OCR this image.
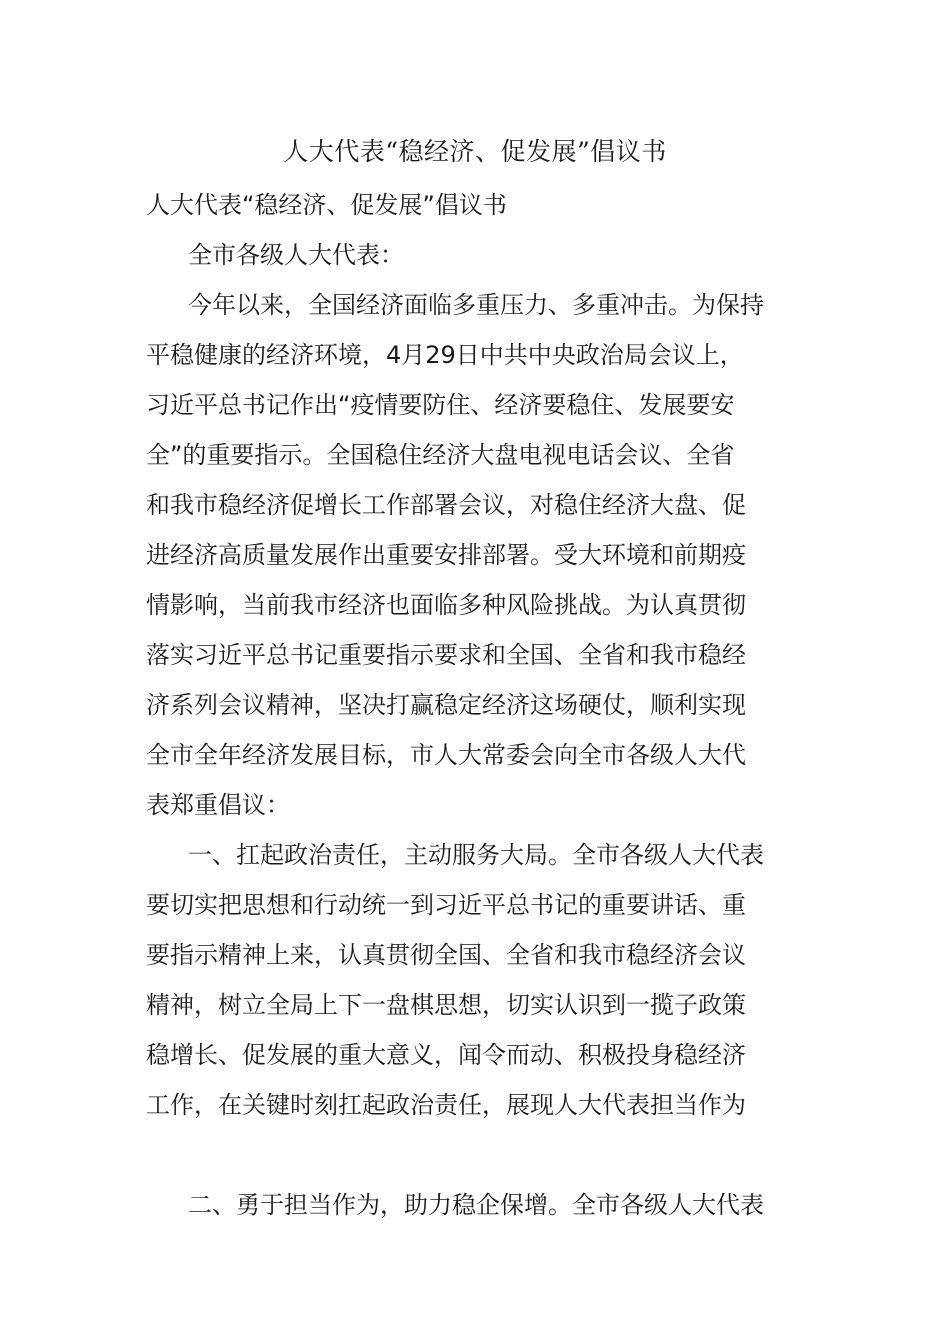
人大代表“稳经济、促发展”倡议书
人大代表“稳经济、促发展”倡议书
全市各级人大代表：
今年以来，全国经济面临多重压力、多重冲击。为保持
平稳健康的经济环境，4月29日中共中央政治局会议上，
习近平总书记作出“疫情要防住、经济要稳住、发展要安
全”的重要指示。全国稳住经济大盘电视电话会议、全省
和我市稳经济促增长工作部署会议，对稳住经济大盘、促
进经济高质量发展作出重要安排部署。受大环境和前期疫
情影响，当前我市经济也面临多种风险挑战。为认真贯彻
落实习近平总书记重要指示要求和全国、全省和我市稳经
济系列会议精神，坚决打赢稳定经济这场硬仗，顺利实现
全市全年经济发展目标，市人大常委会向全市各级人大代
表郑重倡议：
一、扛起政治责任，主动服务大局。全市各级人大代表
要切实把思想和行动统一到习近平总书记的重要讲话、重
要指示精神上来，认真贯彻全国、全省和我市稳经济会议
精神，树立全局上下一盘棋思想，切实认识到一揽子政策
稳增长、促发展的重大意义，闻令而动、积极投身稳经济
工作，在关键时刻扛起政治责任，展现人大代表担当作为
二、勇于担当作为，助力稳企保增。全市各级人大代表
